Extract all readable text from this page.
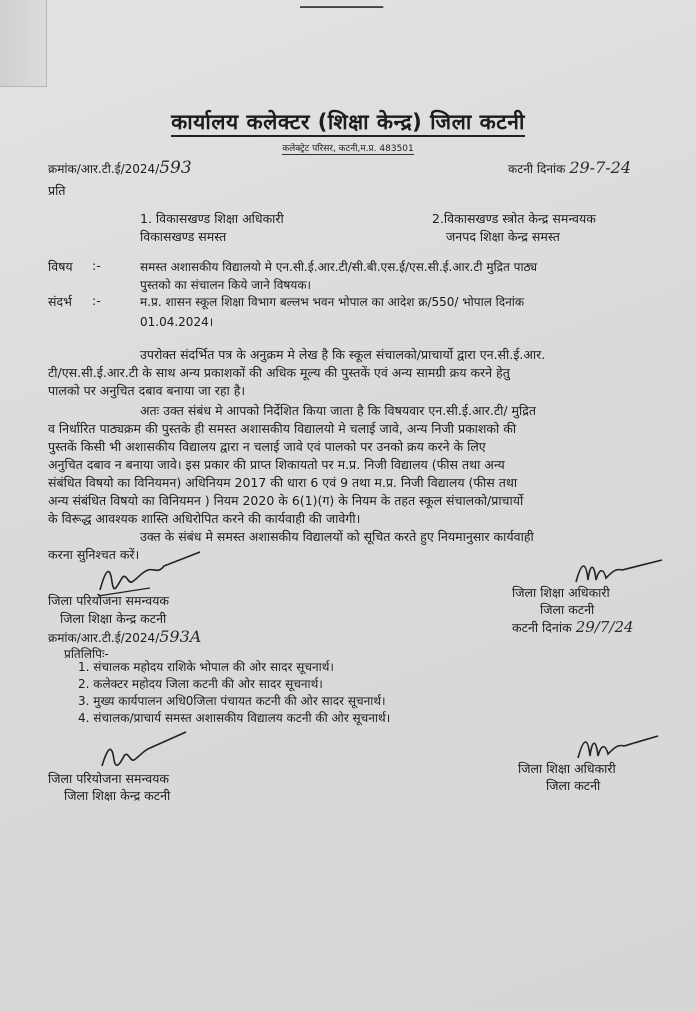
▁▁▁▁▁▁▁▁▁
कार्यालय कलेक्टर (शिक्षा केन्द्र) जिला कटनी
कलेक्ट्रेट परिसर, कटनी,म.प्र. 483501
क्रमांक/आर.टी.ई/2024/593	कटनी दिनांक 29-7-24
प्रति
1. विकासखण्ड शिक्षा अधिकारी
विकासखण्ड समस्त
2.विकासखण्ड स्त्रोत केन्द्र समन्वयक
जनपद शिक्षा केन्द्र समस्त
विषय :-	समस्त अशासकीय विद्यालयो मे एन.सी.ई.आर.टी/सी.बी.एस.ई/एस.सी.ई.आर.टी मुद्रित पाठ्य
पुस्तको का संचालन किये जाने विषयक।
संदर्भ :-	म.प्र. शासन स्कूल शिक्षा विभाग बल्लभ भवन भोपाल का आदेश क्र/550/ भोपाल दिनांक
01.04.2024।
उपरोक्त संदर्भित पत्र के अनुक्रम मे लेख है कि स्कूल संचालको/प्राचार्यो द्वारा एन.सी.ई.आर.
टी/एस.सी.ई.आर.टी के साथ अन्य प्रकाशकों की अधिक मूल्य की पुस्तकें एवं अन्य सामग्री क्रय करने हेतु
पालको पर अनुचित दबाव बनाया जा रहा है।
अतः उक्त संबंध मे आपको निर्देशित किया जाता है कि विषयवार एन.सी.ई.आर.टी/ मुद्रित
व निर्धारित पाठ्यक्रम की पुस्तके ही समस्त अशासकीय विद्यालयो मे चलाई जावे, अन्य निजी प्रकाशको की
पुस्तकें किसी भी अशासकीय विद्यालय द्वारा न चलाई जावे एवं पालको पर उनको क्रय करने के लिए
अनुचित दबाव न बनाया जावे। इस प्रकार की प्राप्त शिकायतो पर म.प्र. निजी विद्यालय (फीस तथा अन्य
संबंधित विषयो का विनियमन) अधिनियम 2017 की धारा 6 एवं 9 तथा म.प्र. निजी विद्यालय (फीस तथा
अन्य संबंधित विषयो का विनियमन ) नियम 2020 के 6(1)(ग) के नियम के तहत स्कूल संचालको/प्राचार्यो
के विरूद्ध आवश्यक शास्ति अधिरोपित करने की कार्यवाही की जावेगी।
उक्त के संबंध मे समस्त अशासकीय विद्यालयों को सूचित करते हुए नियमानुसार कार्यवाही
करना सुनिश्चत करें।
जिला परियोजना समन्वयक
जिला शिक्षा केन्द्र कटनी
जिला शिक्षा अधिकारी
जिला कटनी
कटनी दिनांक 29/7/24
क्रमांक/आर.टी.ई/2024/593A
प्रतिलिपिः-
1. संचालक महोदय राशिके भोपाल की ओर सादर सूचनार्थ।
2. कलेक्टर महोदय जिला कटनी की ओर सादर सूचनार्थ।
3. मुख्य कार्यपालन अधि0जिला पंचायत कटनी की ओर सादर सूचनार्थ।
4. संचालक/प्राचार्य समस्त अशासकीय विद्यालय कटनी की ओर सूचनार्थ।
जिला परियोजना समन्वयक
जिला शिक्षा केन्द्र कटनी
जिला शिक्षा अधिकारी
जिला कटनी
